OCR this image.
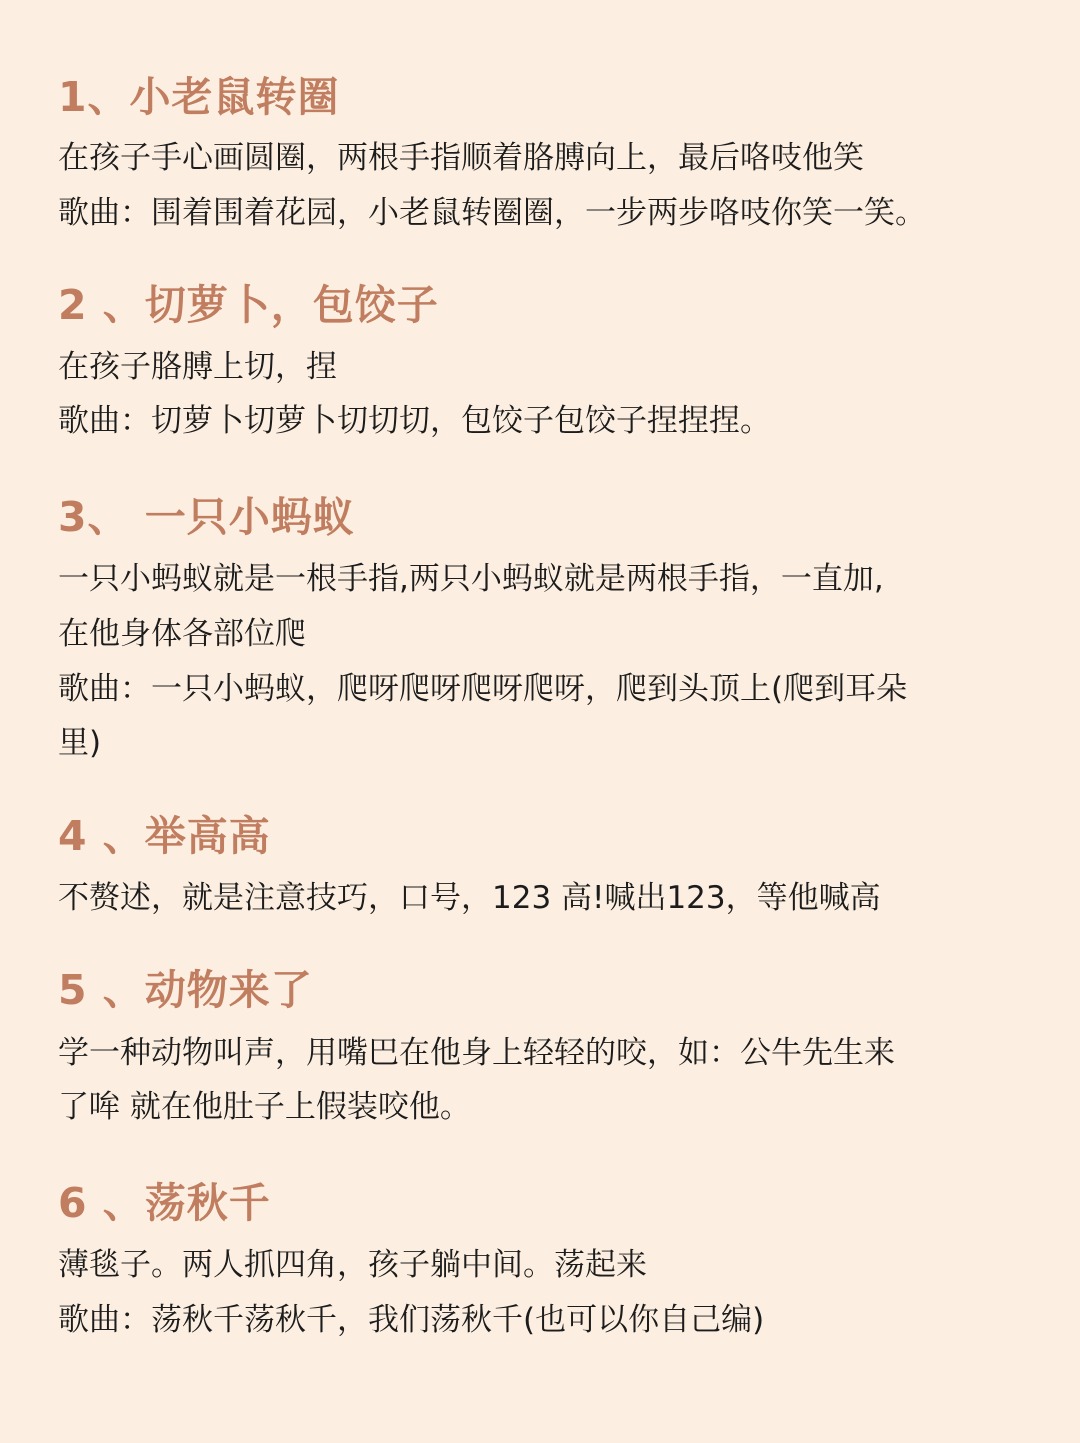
1、小老鼠转圈

在孩子手心画圆圈，两根手指顺着胳膊向上，最后咯吱他笑

歌曲：围着围着花园，小老鼠转圈圈，一步两步咯吱你笑一笑。

2 、切萝卜，包饺子

在孩子胳膊上切，捏

歌曲：切萝卜切萝卜切切切，包饺子包饺子捏捏捏。

3、 一只小蚂蚁

一只小蚂蚁就是一根手指,两只小蚂蚁就是两根手指，一直加,

在他身体各部位爬

歌曲：一只小蚂蚁，爬呀爬呀爬呀爬呀，爬到头顶上(爬到耳朵

里)

4 、举高高

不赘述，就是注意技巧，口号，123 高!喊出123，等他喊高

5 、动物来了

学一种动物叫声，用嘴巴在他身上轻轻的咬，如：公牛先生来

了哞 就在他肚子上假装咬他。

6 、荡秋千

薄毯子。两人抓四角，孩子躺中间。荡起来

歌曲：荡秋千荡秋千，我们荡秋千(也可以你自己编)
